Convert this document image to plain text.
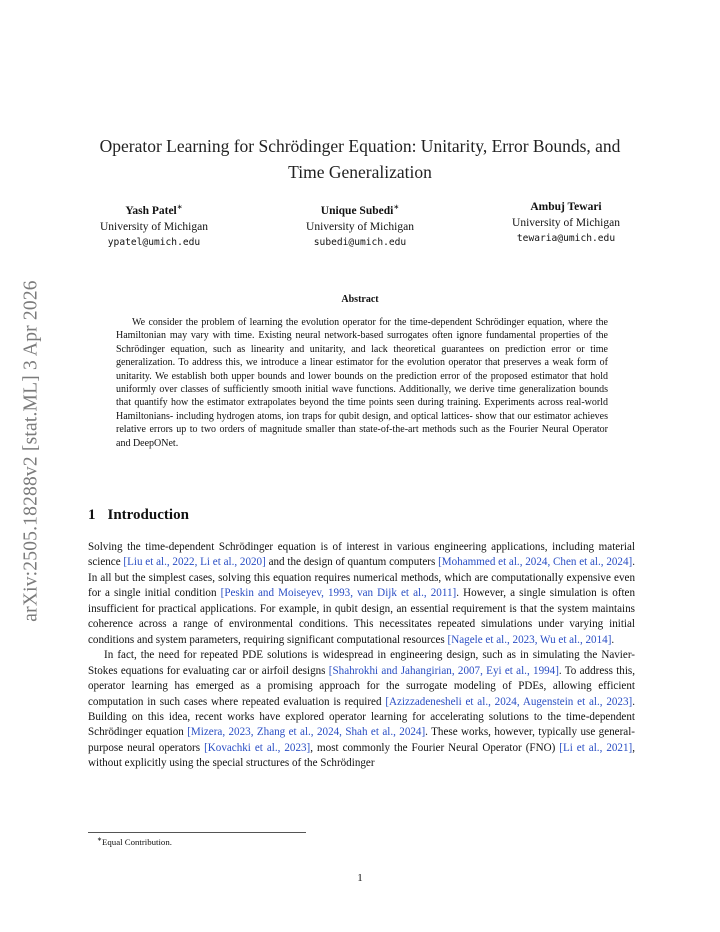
arXiv:2505.18288v2 [stat.ML] 3 Apr 2026
Operator Learning for Schrödinger Equation: Unitarity, Error Bounds, and Time Generalization
Yash Patel∗
University of Michigan
ypatel@umich.edu
Unique Subedi∗
University of Michigan
subedi@umich.edu
Ambuj Tewari
University of Michigan
tewaria@umich.edu
Abstract

We consider the problem of learning the evolution operator for the time-dependent Schrödinger equation, where the Hamiltonian may vary with time. Existing neural network-based surrogates often ignore fundamental properties of the Schrödinger equation, such as linearity and unitarity, and lack theoretical guarantees on prediction error or time generalization. To address this, we introduce a linear estimator for the evolution operator that preserves a weak form of unitarity. We establish both upper bounds and lower bounds on the prediction error of the proposed estimator that hold uniformly over classes of sufficiently smooth initial wave functions. Additionally, we derive time generalization bounds that quantify how the estimator extrapolates beyond the time points seen during training. Experiments across real-world Hamiltonians- including hydrogen atoms, ion traps for qubit design, and optical lattices- show that our estimator achieves relative errors up to two orders of magnitude smaller than state-of-the-art methods such as the Fourier Neural Operator and DeepONet.

1 Introduction

Solving the time-dependent Schrödinger equation is of interest in various engineering applications, including material science [Liu et al., 2022, Li et al., 2020] and the design of quantum computers [Mohammed et al., 2024, Chen et al., 2024]. In all but the simplest cases, solving this equation requires numerical methods, which are computationally expensive even for a single initial condition [Peskin and Moiseyev, 1993, van Dijk et al., 2011]. However, a single simulation is often insufficient for practical applications. For example, in qubit design, an essential requirement is that the system maintains coherence across a range of environmental conditions. This necessitates repeated simulations under varying initial conditions and system parameters, requiring significant computational resources [Nagele et al., 2023, Wu et al., 2014].

In fact, the need for repeated PDE solutions is widespread in engineering design, such as in simulating the Navier-Stokes equations for evaluating car or airfoil designs [Shahrokhi and Jahangirian, 2007, Eyi et al., 1994]. To address this, operator learning has emerged as a promising approach for the surrogate modeling of PDEs, allowing efficient computation in such cases where repeated evaluation is required [Azizzadenesheli et al., 2024, Augenstein et al., 2023]. Building on this idea, recent works have explored operator learning for accelerating solutions to the time-dependent Schrödinger equation [Mizera, 2023, Zhang et al., 2024, Shah et al., 2024]. These works, however, typically use general-purpose neural operators [Kovachki et al., 2023], most commonly the Fourier Neural Operator (FNO) [Li et al., 2021], without explicitly using the special structures of the Schrödinger

∗Equal Contribution.
1
